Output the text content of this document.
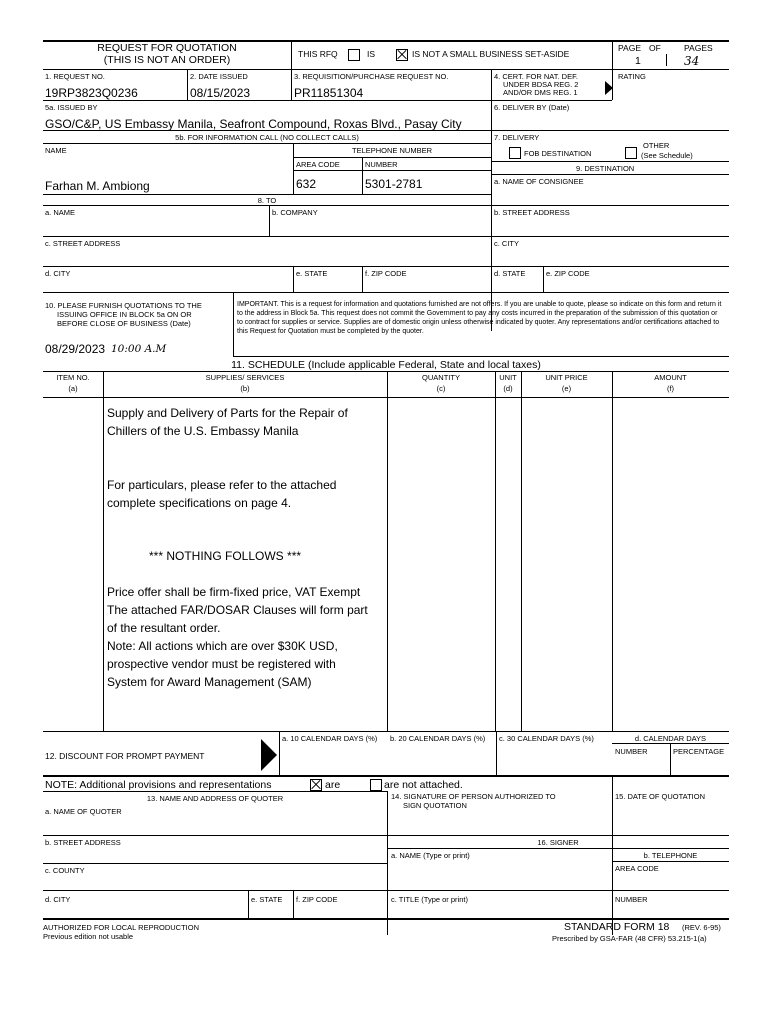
REQUEST FOR QUOTATION
(THIS IS NOT AN ORDER)	THIS RFQ	IS	IS NOT A SMALL BUSINESS SET-ASIDE
PAGE OF	PAGES
1	34
1. REQUEST NO.
19RP3823Q0236
2. DATE ISSUED
08/15/2023
3. REQUISITION/PURCHASE REQUEST NO.
PR11851304
4. CERT. FOR NAT. DEF.
UNDER BDSA REG. 2
AND/OR DMS REG. 1
RATING
5a. ISSUED BY
GSO/C&P, US Embassy Manila, Seafront Compound, Roxas Blvd., Pasay City
6. DELIVER BY (Date)
5b. FOR INFORMATION CALL (NO COLLECT CALLS)
NAME	TELEPHONE NUMBER
AREA CODE	NUMBER
Farhan M. Ambiong	632	5301-2781
7. DELIVERY
FOB DESTINATION
OTHER
(See Schedule)
9. DESTINATION
a. NAME OF CONSIGNEE
8. TO
a. NAME	b. COMPANY	b. STREET ADDRESS
c. STREET ADDRESS	c. CITY
d. CITY	e. STATE	f. ZIP CODE	d. STATE	e. ZIP CODE
10. PLEASE FURNISH QUOTATIONS TO THE
ISSUING OFFICE IN BLOCK 5a ON OR
BEFORE CLOSE OF BUSINESS (Date)
08/29/2023 10:00 A.M
IMPORTANT. This is a request for information and quotations furnished are not offers. If you are unable to quote, please so indicate on this form and return it to the address in Block 5a. This request does not commit the Government to pay any costs incurred in the preparation of the submission of this quotation or to contract for supplies or service. Supplies are of domestic origin unless otherwise indicated by quoter. Any representations and/or certifications attached to this Request for Quotation must be completed by the quoter.
11. SCHEDULE (Include applicable Federal, State and local taxes)
ITEM NO.
(a)
SUPPLIES/ SERVICES
(b)
QUANTITY
(c)
UNIT
(d)
UNIT PRICE
(e)
AMOUNT
(f)
Supply and Delivery of Parts for the Repair of
Chillers of the U.S. Embassy Manila
For particulars, please refer to the attached
complete specifications on page 4.
*** NOTHING FOLLOWS ***
Price offer shall be firm-fixed price, VAT Exempt
The attached FAR/DOSAR Clauses will form part
of the resultant order.
Note: All actions which are over $30K USD,
prospective vendor must be registered with
System for Award Management (SAM)
12. DISCOUNT FOR PROMPT PAYMENT
a. 10 CALENDAR DAYS (%) b. 20 CALENDAR DAYS (%) c. 30 CALENDAR DAYS (%)	d. CALENDAR DAYS
NUMBER	PERCENTAGE
NOTE: Additional provisions and representations	are	are not attached.
13. NAME AND ADDRESS OF QUOTER
a. NAME OF QUOTER
14. SIGNATURE OF PERSON AUTHORIZED TO
SIGN QUOTATION
15. DATE OF QUOTATION
b. STREET ADDRESS	16. SIGNER
a. NAME (Type or print)	b. TELEPHONE
AREA CODE
c. COUNTY
d. CITY	e. STATE f. ZIP CODE	c. TITLE (Type or print)	NUMBER
AUTHORIZED FOR LOCAL REPRODUCTION
Previous edition not usable
STANDARD FORM 18 (REV. 6-95)
Prescribed by GSA-FAR (48 CFR) 53.215-1(a)
